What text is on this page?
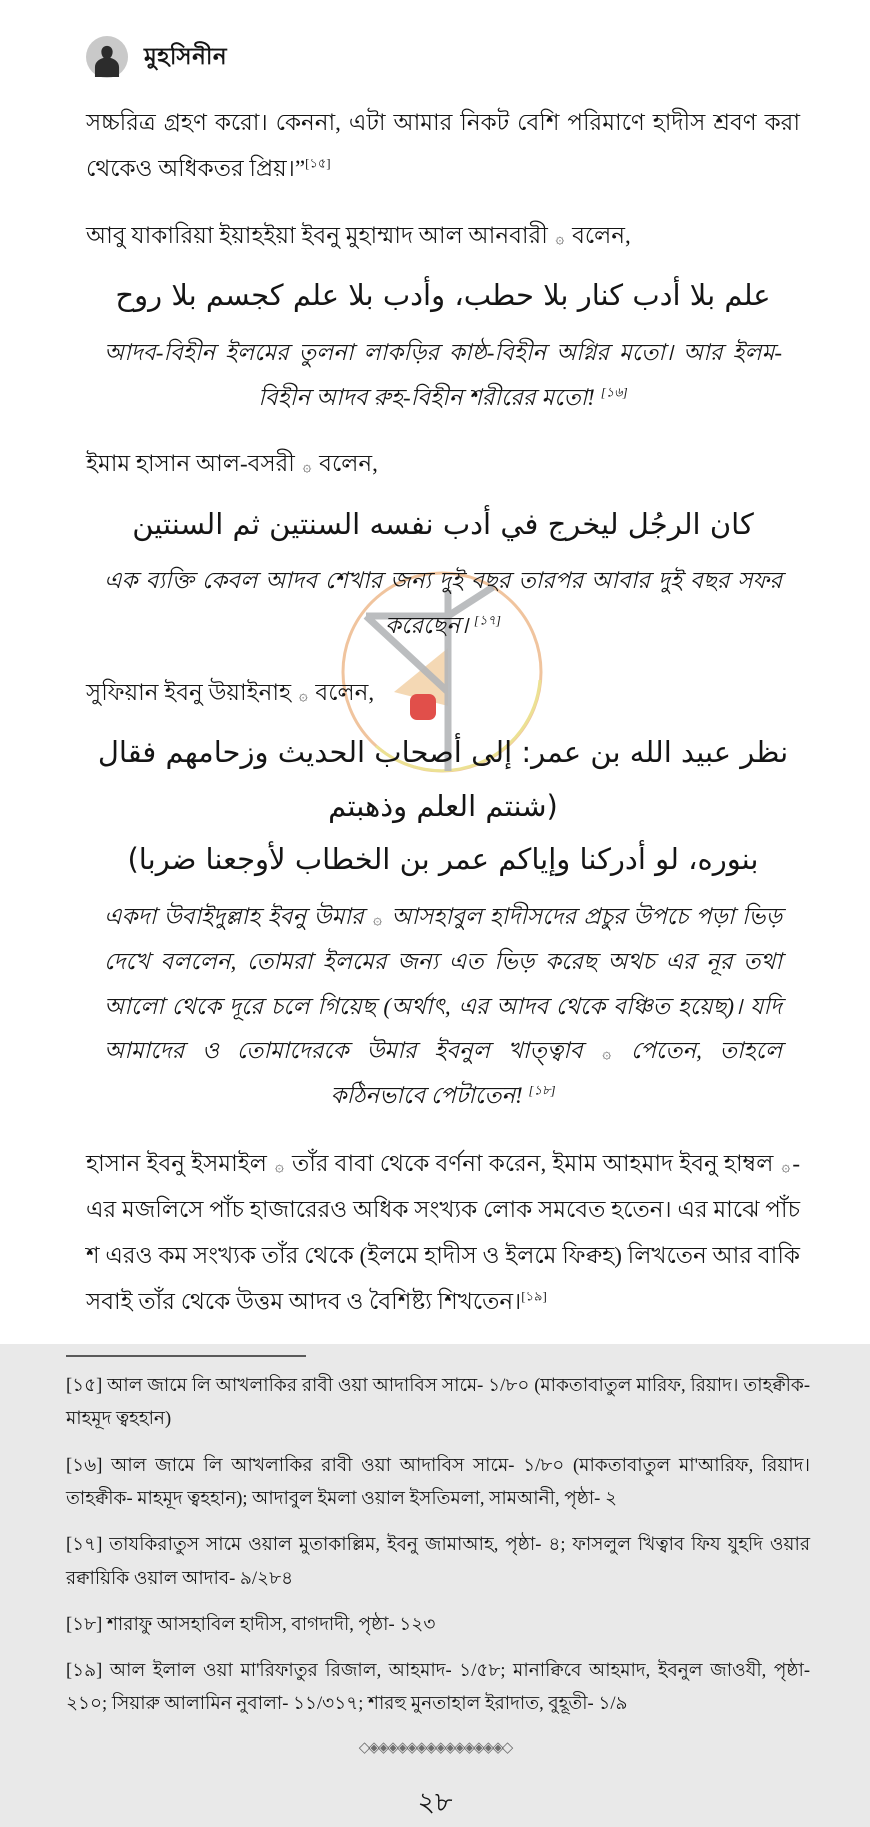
মুহসিনীন

সচ্চরিত্র গ্রহণ করো। কেননা, এটা আমার নিকট বেশি পরিমাণে হাদীস শ্রবণ করা থেকেও অধিকতর প্রিয়।”[১৫]

আবু যাকারিয়া ইয়াহইয়া ইবনু মুহাম্মাদ আল আনবারী ۞ বলেন,

علم بلا أدب كنار بلا حطب، وأدب بلا علم كجسم بلا روح

আদব-বিহীন ইলমের তুলনা লাকড়ির কাষ্ঠ-বিহীন অগ্নির মতো। আর ইলম-বিহীন আদব রুহ-বিহীন শরীরের মতো! [১৬]

ইমাম হাসান আল-বসরী ۞ বলেন,

كان الرجُل ليخرج في أدب نفسه السنتين ثم السنتين

এক ব্যক্তি কেবল আদব শেখার জন্য দুই বছর তারপর আবার দুই বছর সফর করেছেন। [১৭]

সুফিয়ান ইবনু উয়াইনাহ ۞ বলেন,

نظر عبيد الله بن عمر: إلى أصحاب الحديث وزحامهم فقال (شنتم العلم وذهبتم
بنوره، لو أدركنا وإياكم عمر بن الخطاب لأوجعنا ضربا)

একদা উবাইদুল্লাহ ইবনু উমার ۞ আসহাবুল হাদীসদের প্রচুর উপচে পড়া ভিড় দেখে বললেন, তোমরা ইলমের জন্য এত ভিড় করেছ অথচ এর নূর তথা আলো থেকে দূরে চলে গিয়েছ (অর্থাৎ, এর আদব থেকে বঞ্চিত হয়েছ)। যদি আমাদের ও তোমাদেরকে উমার ইবনুল খাত্ত্বাব ۞ পেতেন, তাহলে কঠিনভাবে পেটাতেন! [১৮]

হাসান ইবনু ইসমাইল ۞ তাঁর বাবা থেকে বর্ণনা করেন, ইমাম আহমাদ ইবনু হাম্বল ۞-এর মজলিসে পাঁচ হাজারেরও অধিক সংখ্যক লোক সমবেত হতেন। এর মাঝে পাঁচ শ এরও কম সংখ্যক তাঁর থেকে (ইলমে হাদীস ও ইলমে ফিক্বহ) লিখতেন আর বাকি সবাই তাঁর থেকে উত্তম আদব ও বৈশিষ্ট্য শিখতেন।[১৯]

[১৫] আল জামে লি আখলাকির রাবী ওয়া আদাবিস সামে- ১/৮০ (মাকতাবাতুল মারিফ, রিয়াদ। তাহক্বীক- মাহমূদ ত্বহহান)

[১৬] আল জামে লি আখলাকির রাবী ওয়া আদাবিস সামে- ১/৮০ (মাকতাবাতুল মা'আরিফ, রিয়াদ। তাহক্বীক- মাহমূদ ত্বহহান); আদাবুল ইমলা ওয়াল ইসতিমলা, সামআনী, পৃষ্ঠা- ২

[১৭] তাযকিরাতুস সামে ওয়াল মুতাকাল্লিম, ইবনু জামাআহ, পৃষ্ঠা- ৪; ফাসলুল খিত্বাব ফিয যুহদি ওয়ার রক্বায়িকি ওয়াল আদাব- ৯/২৮৪

[১৮] শারাফু আসহাবিল হাদীস, বাগদাদী, পৃষ্ঠা- ১২৩

[১৯] আল ইলাল ওয়া মা'রিফাতুর রিজাল, আহমাদ- ১/৫৮; মানাক্বিবে আহমাদ, ইবনুল জাওযী, পৃষ্ঠা- ২১০; সিয়ারু আলামিন নুবালা- ১১/৩১৭; শারহু মুনতাহাল ইরাদাত, বুহূতী- ১/৯

◇◈◈◈◈◈◈◈◈◈◈◈◈◈◈◇
২৮
